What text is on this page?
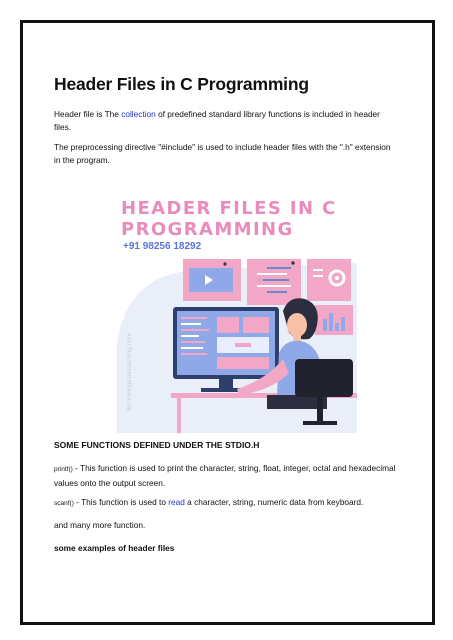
Header Files in C Programming

Header file is The collection of predefined standard library functions is included in header files.

The preprocessing directive "#include" is used to include header files with the ".h" extension in the program.

HEADER FILES IN C
PROGRAMMING
+91 98256 18292
technologicalcoaching.com

SOME FUNCTIONS DEFINED UNDER THE STDIO.H

printf() - This function is used to print the character, string, float, integer, octal and hexadecimal values onto the output screen.

scanf() - This function is used to read a character, string, numeric data from keyboard.

and many more function.

some examples of header files
